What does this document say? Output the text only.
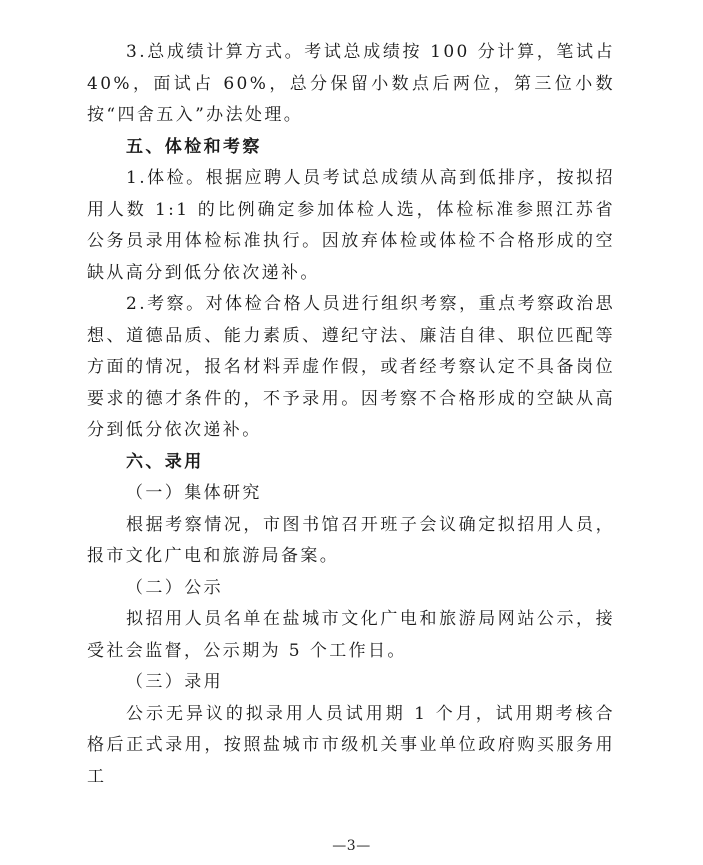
3.总成绩计算方式。考试总成绩按 100 分计算，笔试占 40%，面试占 60%，总分保留小数点后两位，第三位小数按“四舍五入”办法处理。

五、体检和考察

1.体检。根据应聘人员考试总成绩从高到低排序，按拟招用人数 1:1 的比例确定参加体检人选，体检标准参照江苏省公务员录用体检标准执行。因放弃体检或体检不合格形成的空缺从高分到低分依次递补。

2.考察。对体检合格人员进行组织考察，重点考察政治思想、道德品质、能力素质、遵纪守法、廉洁自律、职位匹配等方面的情况，报名材料弄虚作假，或者经考察认定不具备岗位要求的德才条件的，不予录用。因考察不合格形成的空缺从高分到低分依次递补。

六、录用

（一）集体研究

根据考察情况，市图书馆召开班子会议确定拟招用人员，报市文化广电和旅游局备案。

（二）公示

拟招用人员名单在盐城市文化广电和旅游局网站公示，接受社会监督，公示期为 5 个工作日。

（三）录用

公示无异议的拟录用人员试用期 1 个月，试用期考核合格后正式录用，按照盐城市市级机关事业单位政府购买服务用工

—3—
